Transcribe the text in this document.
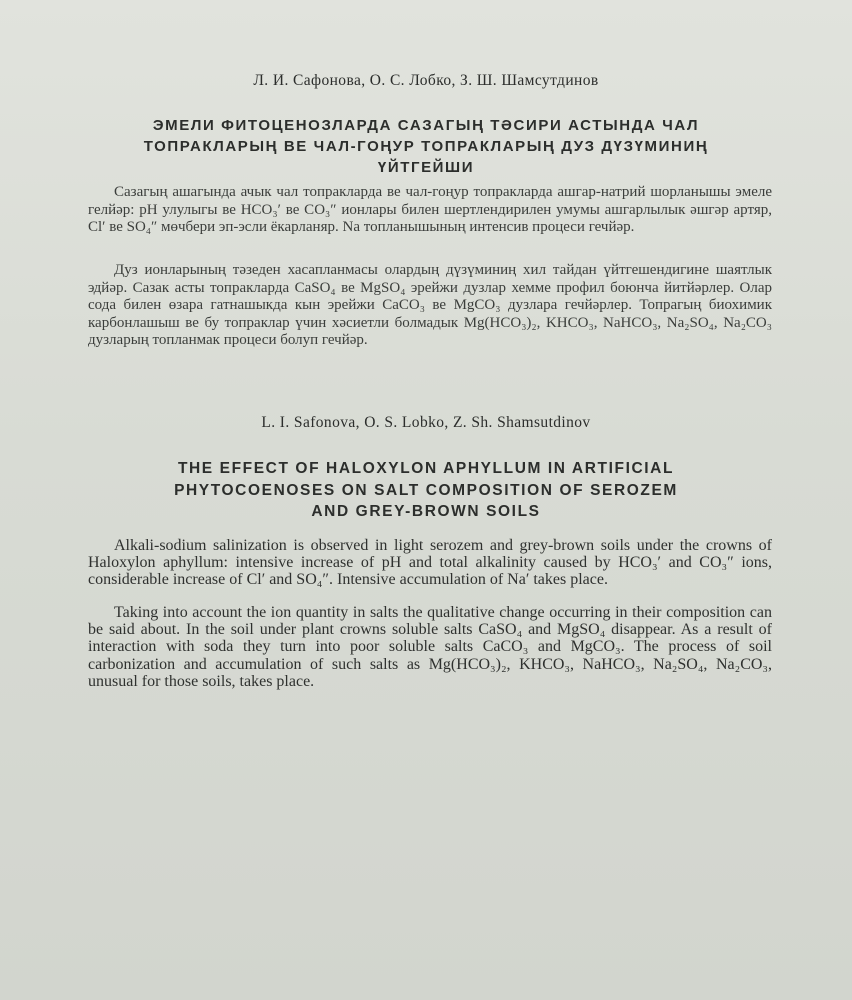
Л. И. Сафонова, О. С. Лобко, З. Ш. Шамсутдинов
ЭМЕЛИ ФИТОЦЕНОЗЛАРДА САЗАГЫҢ ТӘСИРИ АСТЫНДА ЧАЛ
ТОПРАКЛАРЫҢ ВЕ ЧАЛ-ГОҢУР ТОПРАКЛАРЫҢ ДУЗ ДҮЗҮМИНИҢ
ҮЙТГЕЙШИ

Сазагың ашагында ачык чал топракларда ве чал-гоңур топракларда ашгар-натрий шорланышы эмеле гелйәр: рН улулыгы ве НСО₃′ ве СО₃″ ионлары билен шертлендирилен умумы ашгарлылык әшгәр артяр, Cl′ ве SO₄″ мөчбери эп-эсли ёкарланяр. Na топланышының интенсив процеси гечйәр.

Дуз ионларының тәзеден хасапланмасы олардың дүзүминиң хил тайдан үйтгешендигине шаятлык эдйәр. Сазак асты топракларда CaSO₄ ве MgSO₄ эрейжи дузлар хеммe профил боюнча йитйәрлер. Олар сода билен өзара гатнашыкда кын эрейжи CaCO₃ ве MgCO₃ дузлара гечйәрлер. Топрагың биохимик карбонлашыш ве бу топраклар үчин хәсиетли болмадык Mg(HCO₃)₂, KHCO₃, NaHCO₃, Na₂SO₄, Na₂CO₃ дузларың топланмак процеси болуп гечйәр.

L. I. Safonova, O. S. Lobko, Z. Sh. Shamsutdinov
THE EFFECT OF HALOXYLON APHYLLUM IN ARTIFICIAL
PHYTOCOENOSES ON SALT COMPOSITION OF SEROZEM
AND GREY-BROWN SOILS

Alkali-sodium salinization is observed in light serozem and grey-brown soils under the crowns of Haloxylon aphyllum: intensive increase of pH and total alkalinity caused by HCO₃′ and CO₃″ ions, considerable increase of Cl′ and SO₄″. Intensive accumulation of Na′ takes place.

Taking into account the ion quantity in salts the qualitative change occurring in their composition can be said about. In the soil under plant crowns soluble salts CaSO₄ and MgSO₄ disappear. As a result of interaction with soda they turn into poor soluble salts CaCO₃ and MgCO₃. The process of soil carbonization and accumulation of such salts as Mg(HCO₃)₂, KHCO₃, NaHCO₃, Na₂SO₄, Na₂CO₃, unusual for those soils, takes place.
